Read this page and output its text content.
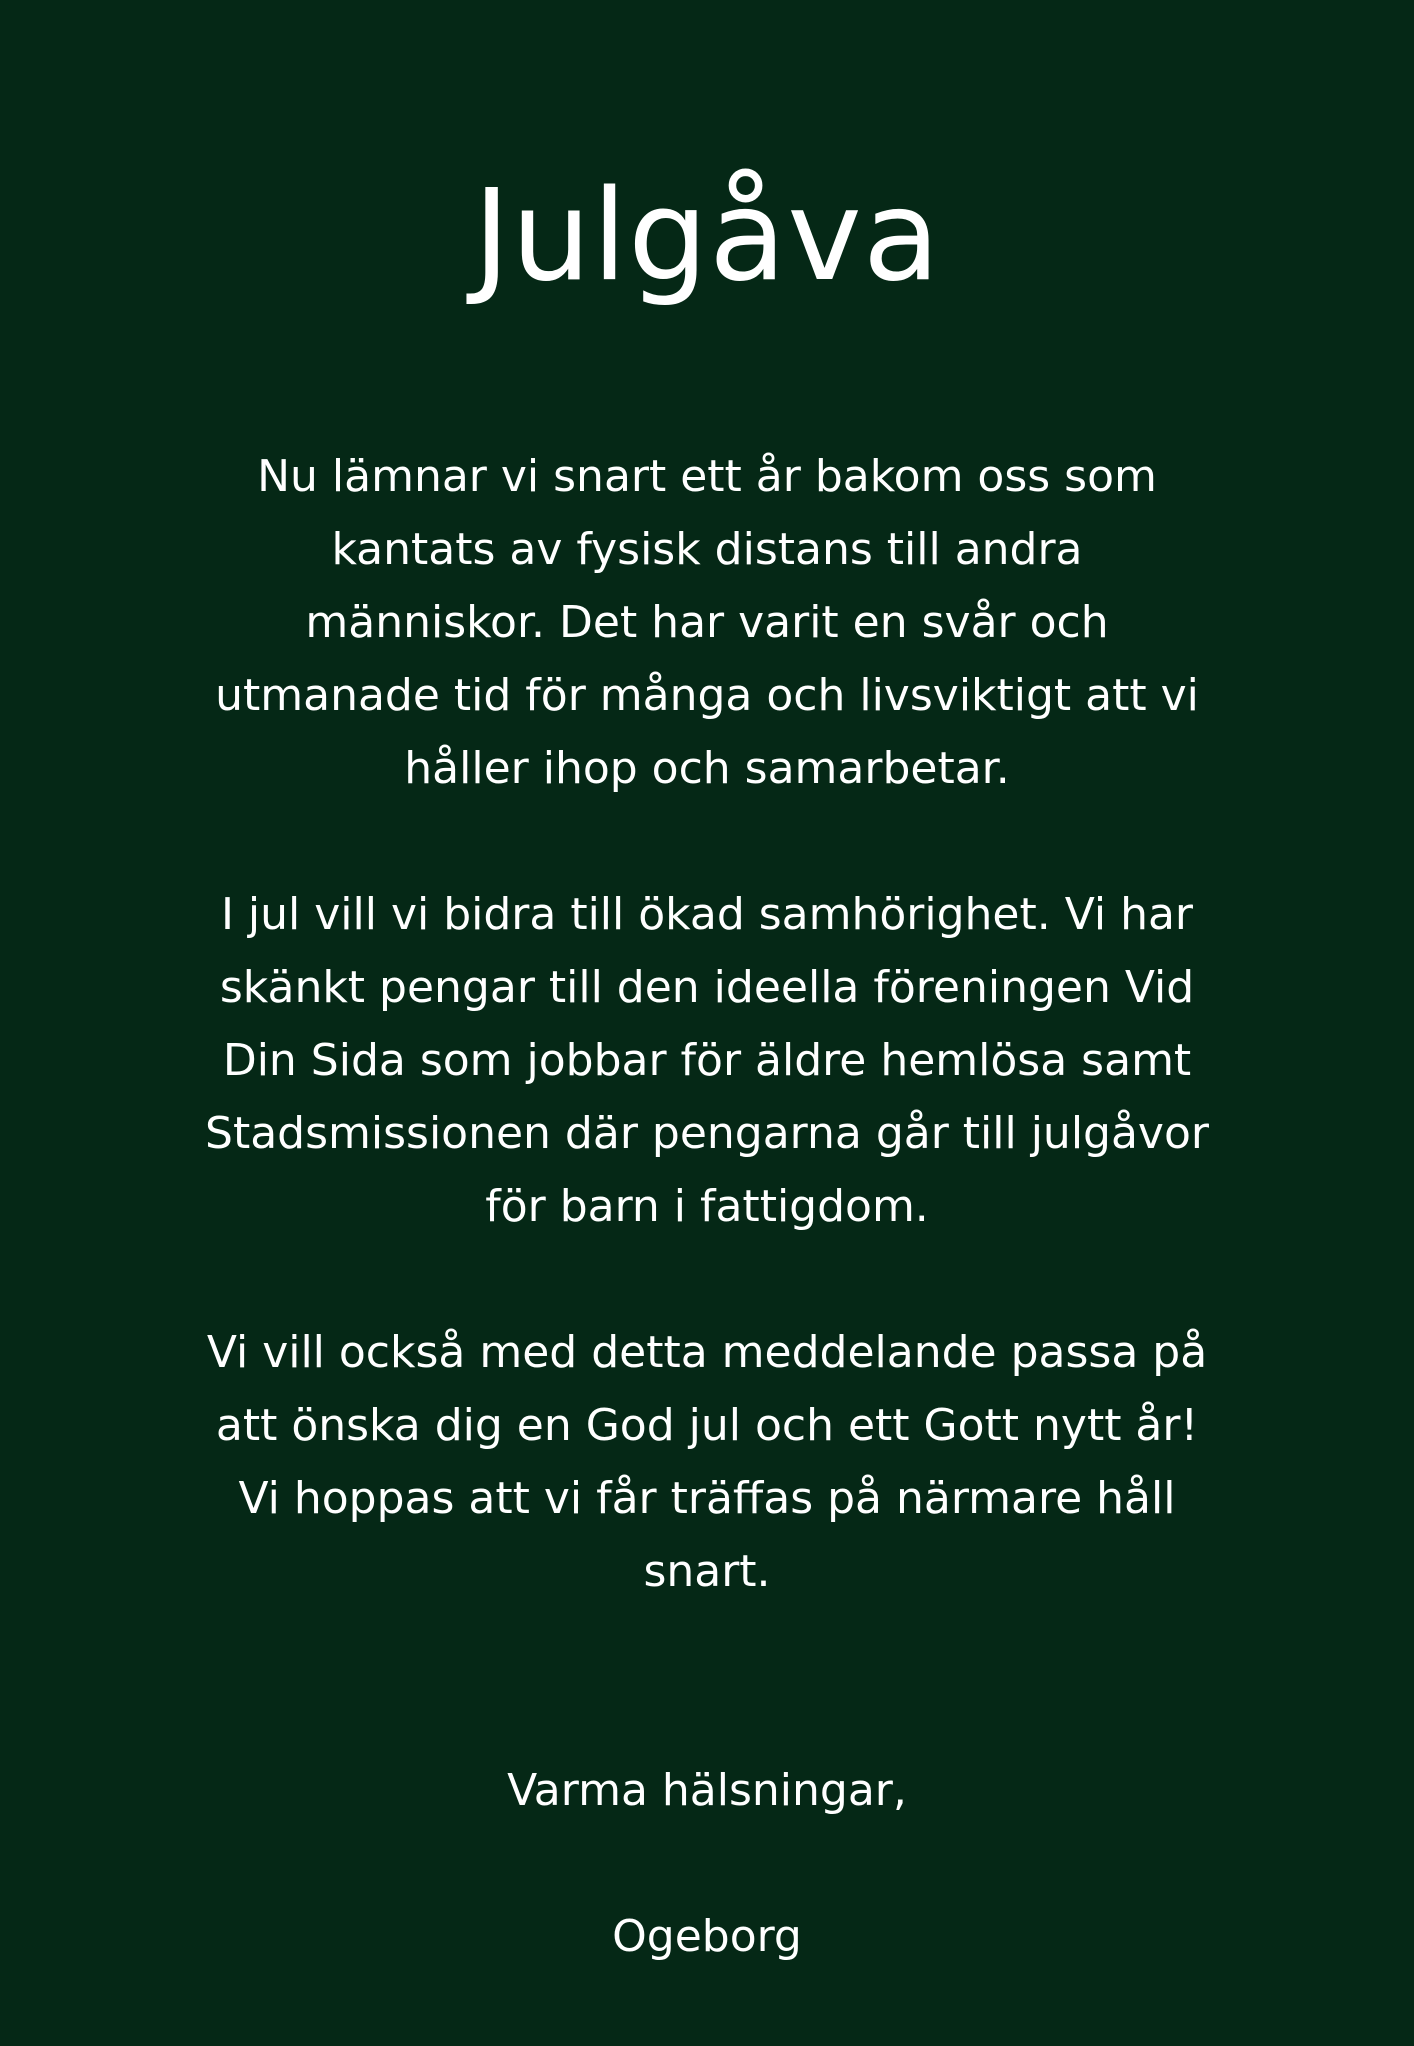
Julgåva

Nu lämnar vi snart ett år bakom oss som
kantats av fysisk distans till andra
människor. Det har varit en svår och
utmanade tid för många och livsviktigt att vi
håller ihop och samarbetar.

I jul vill vi bidra till ökad samhörighet. Vi har
skänkt pengar till den ideella föreningen Vid
Din Sida som jobbar för äldre hemlösa samt
Stadsmissionen där pengarna går till julgåvor
för barn i fattigdom.

Vi vill också med detta meddelande passa på
att önska dig en God jul och ett Gott nytt år!
Vi hoppas att vi får träffas på närmare håll
snart.

Varma hälsningar,

Ogeborg
